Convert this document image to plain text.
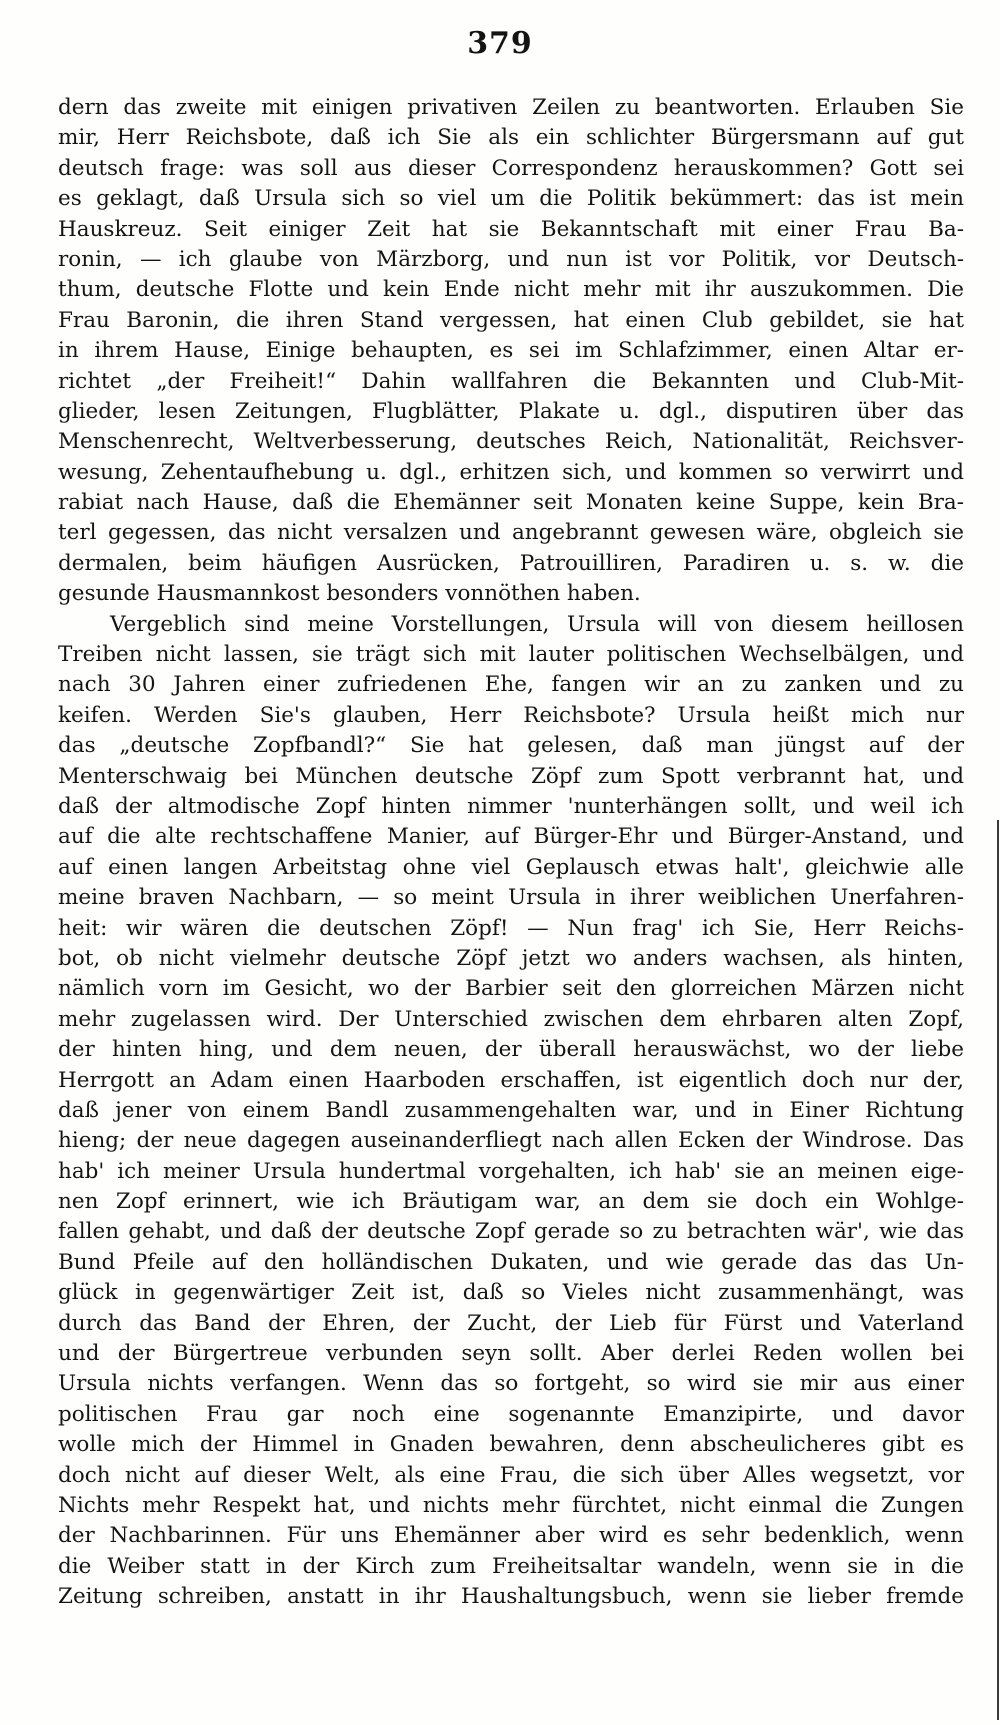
379
dern das zweite mit einigen privativen Zeilen zu beantworten. Erlauben Sie
mir, Herr Reichsbote, daß ich Sie als ein schlichter Bürgersmann auf gut
deutsch frage: was soll aus dieser Correspondenz herauskommen? Gott sei
es geklagt, daß Ursula sich so viel um die Politik bekümmert: das ist mein
Hauskreuz. Seit einiger Zeit hat sie Bekanntschaft mit einer Frau Ba-
ronin, — ich glaube von Märzborg, und nun ist vor Politik, vor Deutsch-
thum, deutsche Flotte und kein Ende nicht mehr mit ihr auszukommen. Die
Frau Baronin, die ihren Stand vergessen, hat einen Club gebildet, sie hat
in ihrem Hause, Einige behaupten, es sei im Schlafzimmer, einen Altar er-
richtet „der Freiheit!“ Dahin wallfahren die Bekannten und Club-Mit-
glieder, lesen Zeitungen, Flugblätter, Plakate u. dgl., disputiren über das
Menschenrecht, Weltverbesserung, deutsches Reich, Nationalität, Reichsver-
wesung, Zehentaufhebung u. dgl., erhitzen sich, und kommen so verwirrt und
rabiat nach Hause, daß die Ehemänner seit Monaten keine Suppe, kein Bra-
terl gegessen, das nicht versalzen und angebrannt gewesen wäre, obgleich sie
dermalen, beim häufigen Ausrücken, Patrouilliren, Paradiren u. s. w. die
gesunde Hausmannkost besonders vonnöthen haben.
Vergeblich sind meine Vorstellungen, Ursula will von diesem heillosen
Treiben nicht lassen, sie trägt sich mit lauter politischen Wechselbälgen, und
nach 30 Jahren einer zufriedenen Ehe, fangen wir an zu zanken und zu
keifen. Werden Sie's glauben, Herr Reichsbote? Ursula heißt mich nur
das „deutsche Zopfbandl?“ Sie hat gelesen, daß man jüngst auf der
Menterschwaig bei München deutsche Zöpf zum Spott verbrannt hat, und
daß der altmodische Zopf hinten nimmer 'nunterhängen sollt, und weil ich
auf die alte rechtschaffene Manier, auf Bürger-Ehr und Bürger-Anstand, und
auf einen langen Arbeitstag ohne viel Geplausch etwas halt', gleichwie alle
meine braven Nachbarn, — so meint Ursula in ihrer weiblichen Unerfahren-
heit: wir wären die deutschen Zöpf! — Nun frag' ich Sie, Herr Reichs-
bot, ob nicht vielmehr deutsche Zöpf jetzt wo anders wachsen, als hinten,
nämlich vorn im Gesicht, wo der Barbier seit den glorreichen Märzen nicht
mehr zugelassen wird. Der Unterschied zwischen dem ehrbaren alten Zopf,
der hinten hing, und dem neuen, der überall herauswächst, wo der liebe
Herrgott an Adam einen Haarboden erschaffen, ist eigentlich doch nur der,
daß jener von einem Bandl zusammengehalten war, und in Einer Richtung
hieng; der neue dagegen auseinanderfliegt nach allen Ecken der Windrose. Das
hab' ich meiner Ursula hundertmal vorgehalten, ich hab' sie an meinen eige-
nen Zopf erinnert, wie ich Bräutigam war, an dem sie doch ein Wohlge-
fallen gehabt, und daß der deutsche Zopf gerade so zu betrachten wär', wie das
Bund Pfeile auf den holländischen Dukaten, und wie gerade das das Un-
glück in gegenwärtiger Zeit ist, daß so Vieles nicht zusammenhängt, was
durch das Band der Ehren, der Zucht, der Lieb für Fürst und Vaterland
und der Bürgertreue verbunden seyn sollt. Aber derlei Reden wollen bei
Ursula nichts verfangen. Wenn das so fortgeht, so wird sie mir aus einer
politischen Frau gar noch eine sogenannte Emanzipirte, und davor
wolle mich der Himmel in Gnaden bewahren, denn abscheulicheres gibt es
doch nicht auf dieser Welt, als eine Frau, die sich über Alles wegsetzt, vor
Nichts mehr Respekt hat, und nichts mehr fürchtet, nicht einmal die Zungen
der Nachbarinnen. Für uns Ehemänner aber wird es sehr bedenklich, wenn
die Weiber statt in der Kirch zum Freiheitsaltar wandeln, wenn sie in die
Zeitung schreiben, anstatt in ihr Haushaltungsbuch, wenn sie lieber fremde
